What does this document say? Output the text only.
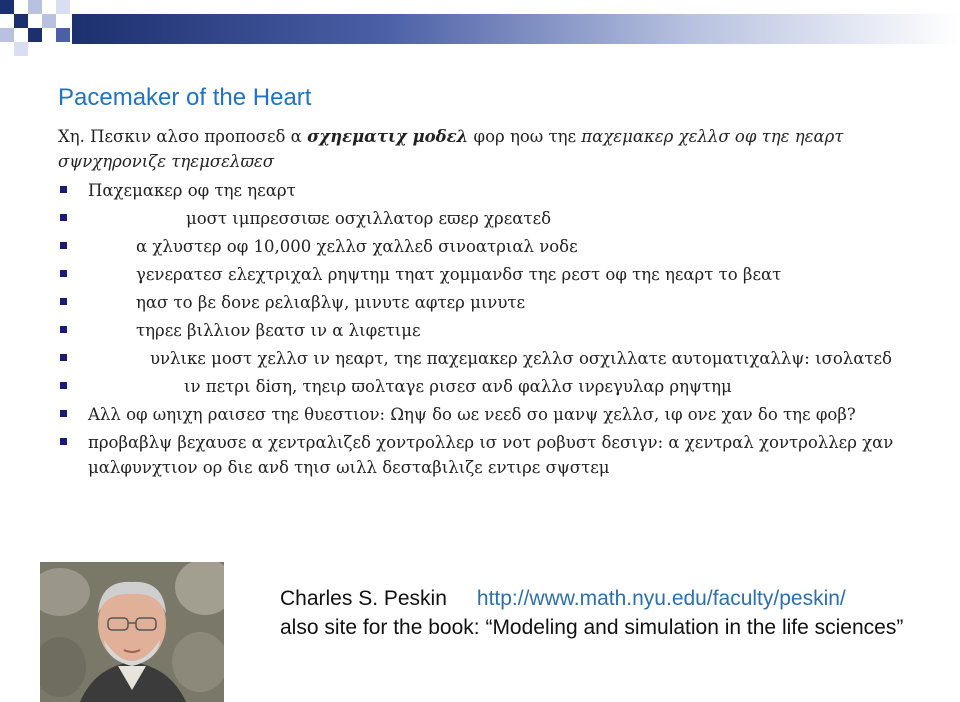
Pacemaker of the Heart

Χη. Πεσκιν αλσο προποσεδ α σχηεματιχ μοδελ φορ ηοω τηε παχεμακερ χελλσ οφ τηε ηεαρτ σψνχηρονιζε τηεμσελϖεσ

Παχεμακερ οφ τηε ηεαρτ
μοστ ιμπρεσσιϖε οσχιλλατορ εϖερ χρεατεδ
α χλυστερ οφ 10,000 χελλσ χαλλεδ σινοατριαλ νοδε
γενερατεσ ελεχτριχαλ ρηψτημ τηατ χομμανδσ τηε ρεστ οφ τηε ηεαρτ το βεατ
ηασ το βε δονε ρελιαβλψ, μινυτε αφτερ μινυτε
τηρεε βιλλιον βεατσ ιν α λιφετιμε
υνλικε μοστ χελλσ ιν ηεαρτ, τηε παχεμακερ χελλσ οσχιλλατε αυτοματιχαλλψ: ισολατεδ
ιν πετρι δiση, τηειρ ϖολταγε ρισεσ ανδ φαλλσ ινρεγυλαρ ρηψτημ
Αλλ οφ ωηιχη ραισεσ τηε θυεστιον: Ωηψ δο ωε νεεδ σο μανψ χελλσ, ιφ ονε χαν δο τηε φοβ?
προβαβλψ βεχαυσε α χεντραλιζεδ χοντρολλερ ισ νοτ ροβυστ δεσιγν: α χεντραλ χοντρολλερ χαν μαλφυνχτιον ορ διε ανδ τηισ ωιλλ δεσταβιλιζε εντιρε σψστεμ
Charles S. Peskin http://www.math.nyu.edu/faculty/peskin/
also site for the book: “Modeling and simulation in the life sciences”
